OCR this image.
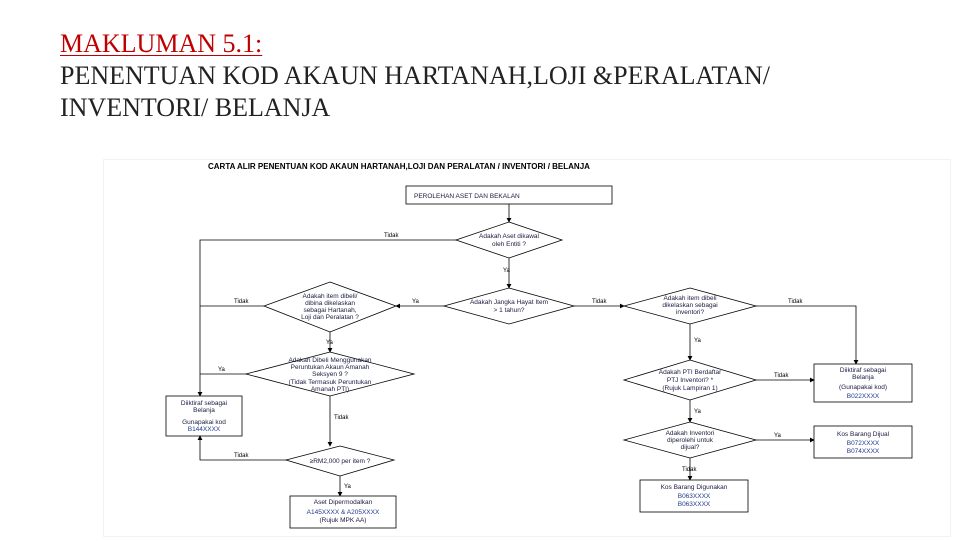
MAKLUMAN 5.1:
PENENTUAN KOD AKAUN HARTANAH,LOJI &PERALATAN/
INVENTORI/ BELANJA
CARTA ALIR PENENTUAN KOD AKAUN HARTANAH,LOJI DAN PERALATAN / INVENTORI / BELANJA
PEROLEHAN ASET DAN BEKALAN
Adakah Aset dikawal
oleh Entiti ?
Tidak
Ya
Adakah Jangka Hayat Item
> 1 tahun?
Ya	Tidak
Adakah item dibeli/
dibina dikelaskan
sebagai Hartanah,
Loji dan Peralatan ?
Tidak
Ya
Adakah Dibeli Menggunakan
Peruntukan Akaun Amanah
Seksyen 9 ?
(Tidak Termasuk Peruntukan
Amanah PTI)
Ya
Tidak
Diiktiraf sebagai
Belanja
Gunapakai kod
B144XXXX
≥RM2,000 per item ?
Tidak
Ya
Aset Dipermodalkan
A145XXXX & A205XXXX
(Rujuk MPK AA)
Adakah item dibeli
dikelaskan sebagai
inventori?
Tidak
Ya
Diiktiraf sebagai
Belanja
(Gunapakai kod)
B022XXXX
Adakah PTI Berdaftar
PTJ Inventori? *
(Rujuk Lampiran 1)
Tidak
Ya
Adakah Inventori
diperolehi untuk
dijual?
Ya
Tidak
Kos Barang Dijual
B072XXXX
B074XXXX
Kos Barang Digunakan
B063XXXX
B063XXXX
